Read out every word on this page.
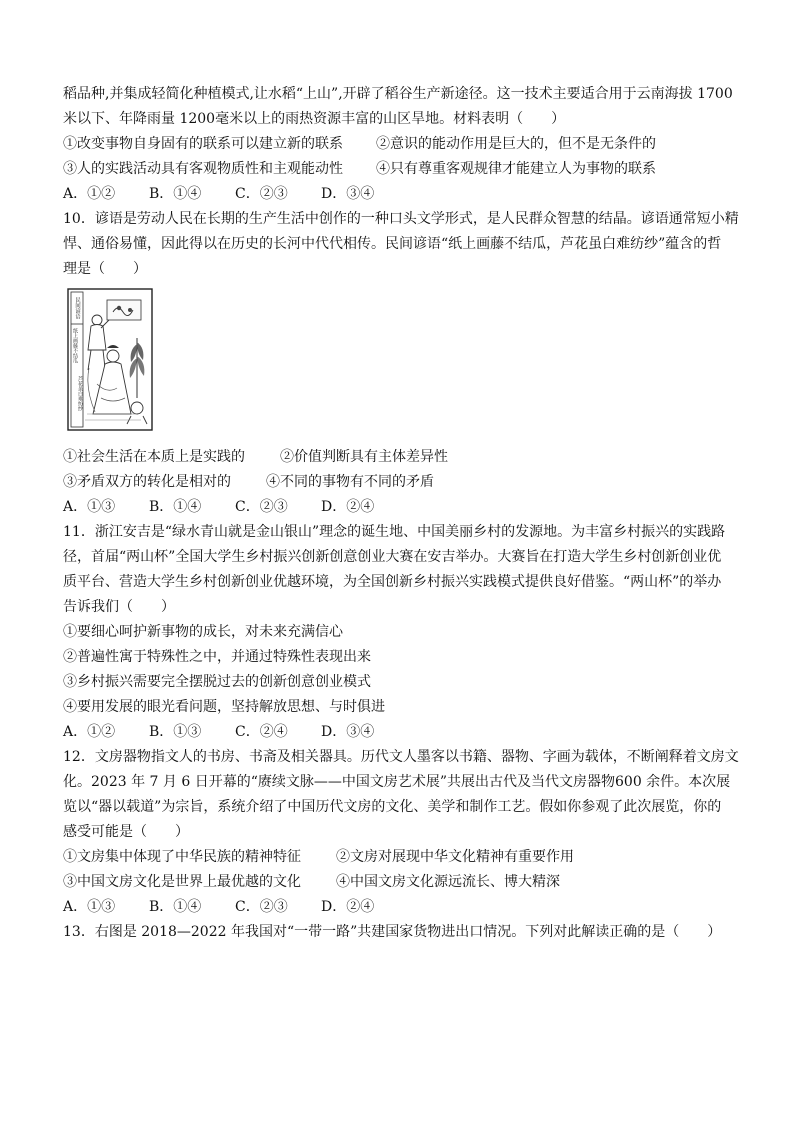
稻品种,并集成轻简化种植模式,让水稻“上山”,开辟了稻谷生产新途径。这一技术主要适合用于云南海拔 1700
米以下、年降雨量 1200毫米以上的雨热资源丰富的山区旱地。材料表明（　　）
①改变事物自身固有的联系可以建立新的联系 ②意识的能动作用是巨大的，但不是无条件的
③人的实践活动具有客观物质性和主观能动性 ④只有尊重客观规律才能建立人为事物的联系
A．①② B．①④ C．②③ D．③④
10．谚语是劳动人民在长期的生产生活中创作的一种口头文学形式，是人民群众智慧的结晶。谚语通常短小精
悍、通俗易懂，因此得以在历史的长河中代代相传。民间谚语“纸上画藤不结瓜，芦花虽白难纺纱”蕴含的哲
理是（　　）
民间谚语
纸上画藤不结瓜
芦花虽白难纺纱
①社会生活在本质上是实践的	②价值判断具有主体差异性
③矛盾双方的转化是相对的	④不同的事物有不同的矛盾
A．①③ B．①④ C．②③ D．②④
11．浙江安吉是“绿水青山就是金山银山”理念的诞生地、中国美丽乡村的发源地。为丰富乡村振兴的实践路
径，首届“两山杯”全国大学生乡村振兴创新创意创业大赛在安吉举办。大赛旨在打造大学生乡村创新创业优
质平台、营造大学生乡村创新创业优越环境，为全国创新乡村振兴实践模式提供良好借鉴。“两山杯”的举办
告诉我们（　　）
①要细心呵护新事物的成长，对未来充满信心
②普遍性寓于特殊性之中，并通过特殊性表现出来
③乡村振兴需要完全摆脱过去的创新创意创业模式
④要用发展的眼光看问题，坚持解放思想、与时俱进
A．①② B．①③ C．②④ D．③④
12．文房器物指文人的书房、书斋及相关器具。历代文人墨客以书籍、器物、字画为载体，不断阐释着文房文
化。2023 年 7 月 6 日开幕的“赓续文脉——中国文房艺术展”共展出古代及当代文房器物600 余件。本次展
览以“器以载道”为宗旨，系统介绍了中国历代文房的文化、美学和制作工艺。假如你参观了此次展览，你的
感受可能是（　　）
①文房集中体现了中华民族的精神特征	②文房对展现中华文化精神有重要作用
③中国文房文化是世界上最优越的文化	④中国文房文化源远流长、博大精深
A．①③ B．①④ C．②③ D．②④
13．右图是 2018—2022 年我国对“一带一路”共建国家货物进出口情况。下列对此解读正确的是（　　）
